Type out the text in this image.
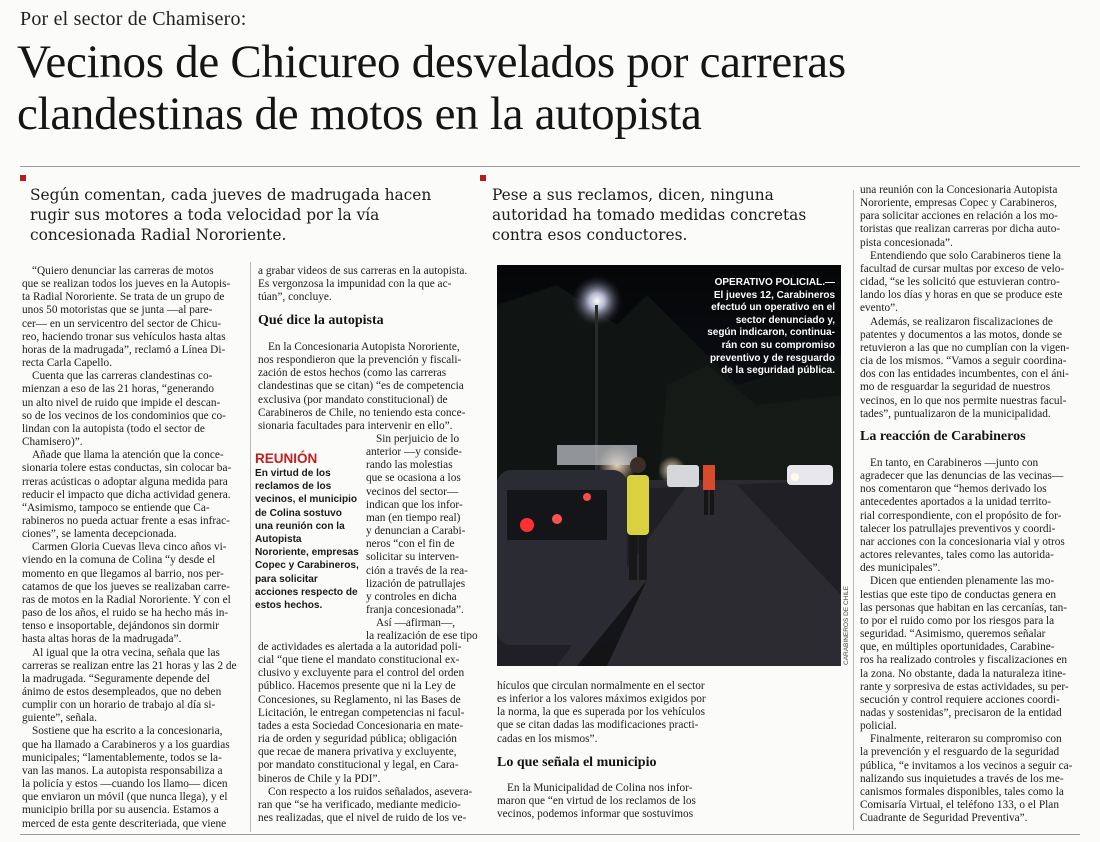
Por el sector de Chamisero:
Vecinos de Chicureo desvelados por carreras
clandestinas de motos en la autopista
Según comentan, cada jueves de madrugada hacen
rugir sus motores a toda velocidad por la vía
concesionada Radial Nororiente.
Pese a sus reclamos, dicen, ninguna
autoridad ha tomado medidas concretas
contra esos conductores.
“Quiero denunciar las carreras de motos
que se realizan todos los jueves en la Autopis-
ta Radial Nororiente. Se trata de un grupo de
unos 50 motoristas que se junta —al pare-
cer— en un servicentro del sector de Chicu-
reo, haciendo tronar sus vehículos hasta altas
horas de la madrugada”, reclamó a Línea Di-
recta Carla Capello.
Cuenta que las carreras clandestinas co-
mienzan a eso de las 21 horas, “generando
un alto nivel de ruido que impide el descan-
so de los vecinos de los condominios que co-
lindan con la autopista (todo el sector de
Chamisero)”.
Añade que llama la atención que la conce-
sionaria tolere estas conductas, sin colocar ba-
rreras acústicas o adoptar alguna medida para
reducir el impacto que dicha actividad genera.
“Asimismo, tampoco se entiende que Ca-
rabineros no pueda actuar frente a esas infrac-
ciones”, se lamenta decepcionada.
Carmen Gloria Cuevas lleva cinco años vi-
viendo en la comuna de Colina “y desde el
momento en que llegamos al barrio, nos per-
catamos de que los jueves se realizaban carre-
ras de motos en la Radial Nororiente. Y con el
paso de los años, el ruido se ha hecho más in-
tenso e insoportable, dejándonos sin dormir
hasta altas horas de la madrugada”.
Al igual que la otra vecina, señala que las
carreras se realizan entre las 21 horas y las 2 de
la madrugada. “Seguramente depende del
ánimo de estos desempleados, que no deben
cumplir con un horario de trabajo al día si-
guiente”, señala.
Sostiene que ha escrito a la concesionaria,
que ha llamado a Carabineros y a los guardias
municipales; “lamentablemente, todos se la-
van las manos. La autopista responsabiliza a
la policía y estos —cuando los llamo— dicen
que enviaron un móvil (que nunca llega), y el
municipio brilla por su ausencia. Estamos a
merced de esta gente descriteriada, que viene
a grabar videos de sus carreras en la autopista.
Es vergonzosa la impunidad con la que ac-
túan”, concluye.
Qué dice la autopista
En la Concesionaria Autopista Nororiente,
nos respondieron que la prevención y fiscali-
zación de estos hechos (como las carreras
clandestinas que se citan) “es de competencia
exclusiva (por mandato constitucional) de
Carabineros de Chile, no teniendo esta conce-
sionaria facultades para intervenir en ello”.
REUNIÓN
En virtud de los
reclamos de los
vecinos, el municipio
de Colina sostuvo
una reunión con la
Autopista
Nororiente, empresas
Copec y Carabineros,
para solicitar
acciones respecto de
estos hechos.
Sin perjuicio de lo
anterior —y conside-
rando las molestias
que se ocasiona a los
vecinos del sector—
indican que los infor-
man (en tiempo real)
y denuncian a Carabi-
neros “con el fin de
solicitar su interven-
ción a través de la rea-
lización de patrullajes
y controles en dicha
franja concesionada”.
Así —afirman—,
la realización de ese tipo
de actividades es alertada a la autoridad poli-
cial “que tiene el mandato constitucional ex-
clusivo y excluyente para el control del orden
público. Hacemos presente que ni la Ley de
Concesiones, su Reglamento, ni las Bases de
Licitación, le entregan competencias ni facul-
tades a esta Sociedad Concesionaria en mate-
ria de orden y seguridad pública; obligación
que recae de manera privativa y excluyente,
por mandato constitucional y legal, en Cara-
bineros de Chile y la PDI”.
Con respecto a los ruidos señalados, asevera-
ran que “se ha verificado, mediante medicio-
nes realizadas, que el nivel de ruido de los ve-
OPERATIVO POLICIAL.—
El jueves 12, Carabineros
efectuó un operativo en el
sector denunciado y,
según indicaron, continua-
rán con su compromiso
preventivo y de resguardo
de la seguridad pública.
CARABINEROS DE CHILE
hículos que circulan normalmente en el sector
es inferior a los valores máximos exigidos por
la norma, la que es superada por los vehículos
que se citan dadas las modificaciones practi-
cadas en los mismos”.
Lo que señala el municipio
En la Municipalidad de Colina nos infor-
maron que “en virtud de los reclamos de los
vecinos, podemos informar que sostuvimos
una reunión con la Concesionaria Autopista
Nororiente, empresas Copec y Carabineros,
para solicitar acciones en relación a los mo-
toristas que realizan carreras por dicha auto-
pista concesionada”.
Entendiendo que solo Carabineros tiene la
facultad de cursar multas por exceso de velo-
cidad, “se les solicitó que estuvieran contro-
lando los días y horas en que se produce este
evento”.
Además, se realizaron fiscalizaciones de
patentes y documentos a las motos, donde se
retuvieron a las que no cumplían con la vigen-
cia de los mismos. “Vamos a seguir coordina-
dos con las entidades incumbentes, con el áni-
mo de resguardar la seguridad de nuestros
vecinos, en lo que nos permite nuestras facul-
tades”, puntualizaron de la municipalidad.
La reacción de Carabineros
En tanto, en Carabineros —junto con
agradecer que las denuncias de las vecinas—
nos comentaron que “hemos derivado los
antecedentes aportados a la unidad territo-
rial correspondiente, con el propósito de for-
talecer los patrullajes preventivos y coordi-
nar acciones con la concesionaria vial y otros
actores relevantes, tales como las autorida-
des municipales”.
Dicen que entienden plenamente las mo-
lestias que este tipo de conductas genera en
las personas que habitan en las cercanías, tan-
to por el ruido como por los riesgos para la
seguridad. “Asimismo, queremos señalar
que, en múltiples oportunidades, Carabine-
ros ha realizado controles y fiscalizaciones en
la zona. No obstante, dada la naturaleza itine-
rante y sorpresiva de estas actividades, su per-
secución y control requiere acciones coordi-
nadas y sostenidas”, precisaron de la entidad
policial.
Finalmente, reiteraron su compromiso con
la prevención y el resguardo de la seguridad
pública, “e invitamos a los vecinos a seguir ca-
nalizando sus inquietudes a través de los me-
canismos formales disponibles, tales como la
Comisaría Virtual, el teléfono 133, o el Plan
Cuadrante de Seguridad Preventiva”.
